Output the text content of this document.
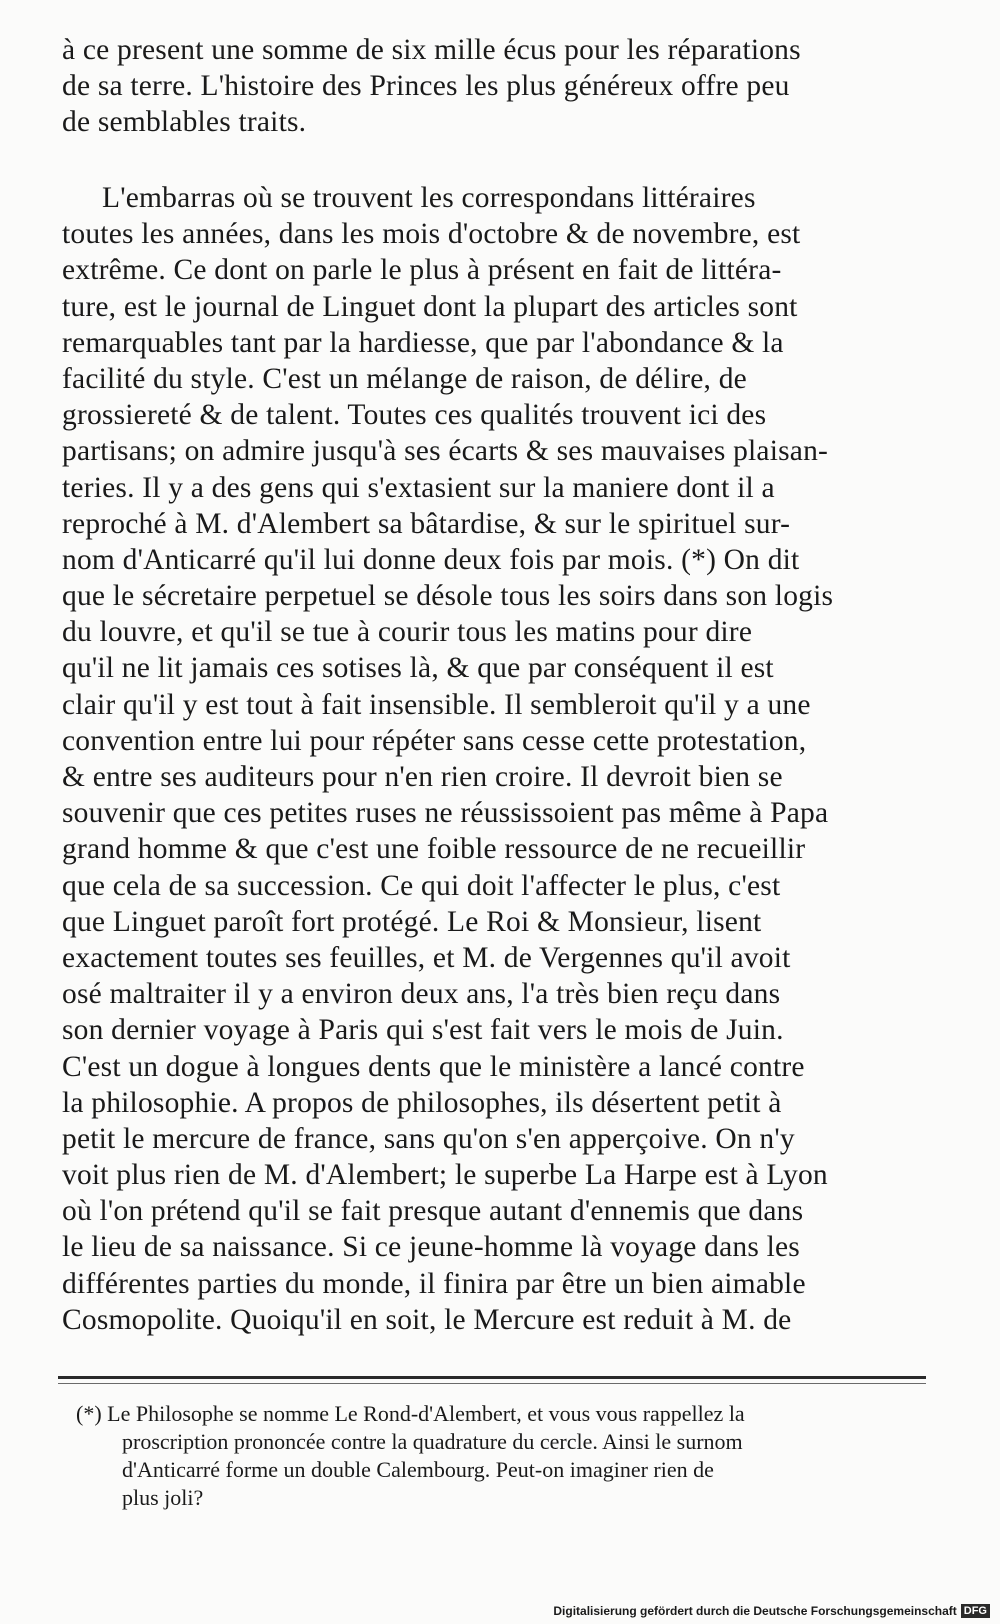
à ce present une somme de six mille écus pour les réparations
de sa terre. L'histoire des Princes les plus généreux offre peu
de semblables traits.
L'embarras où se trouvent les correspondans littéraires
toutes les années, dans les mois d'octobre & de novembre, est
extrême. Ce dont on parle le plus à présent en fait de littéra-
ture, est le journal de Linguet dont la plupart des articles sont
remarquables tant par la hardiesse, que par l'abondance & la
facilité du style. C'est un mélange de raison, de délire, de
grossiereté & de talent. Toutes ces qualités trouvent ici des
partisans; on admire jusqu'à ses écarts & ses mauvaises plaisan-
teries. Il y a des gens qui s'extasient sur la maniere dont il a
reproché à M. d'Alembert sa bâtardise, & sur le spirituel sur-
nom d'Anticarré qu'il lui donne deux fois par mois. (*) On dit
que le sécretaire perpetuel se désole tous les soirs dans son logis
du louvre, et qu'il se tue à courir tous les matins pour dire
qu'il ne lit jamais ces sotises là, & que par conséquent il est
clair qu'il y est tout à fait insensible. Il sembleroit qu'il y a une
convention entre lui pour répéter sans cesse cette protestation,
& entre ses auditeurs pour n'en rien croire. Il devroit bien se
souvenir que ces petites ruses ne réussissoient pas même à Papa
grand homme & que c'est une foible ressource de ne recueillir
que cela de sa succession. Ce qui doit l'affecter le plus, c'est
que Linguet paroît fort protégé. Le Roi & Monsieur, lisent
exactement toutes ses feuilles, et M. de Vergennes qu'il avoit
osé maltraiter il y a environ deux ans, l'a très bien reçu dans
son dernier voyage à Paris qui s'est fait vers le mois de Juin.
C'est un dogue à longues dents que le ministère a lancé contre
la philosophie. A propos de philosophes, ils désertent petit à
petit le mercure de france, sans qu'on s'en apperçoive. On n'y
voit plus rien de M. d'Alembert; le superbe La Harpe est à Lyon
où l'on prétend qu'il se fait presque autant d'ennemis que dans
le lieu de sa naissance. Si ce jeune-homme là voyage dans les
différentes parties du monde, il finira par être un bien aimable
Cosmopolite. Quoiqu'il en soit, le Mercure est reduit à M. de
(*) Le Philosophe se nomme Le Rond-d'Alembert, et vous vous rappellez la
proscription prononcée contre la quadrature du cercle. Ainsi le surnom
d'Anticarré forme un double Calembourg. Peut-on imaginer rien de
plus joli?
Digitalisierung gefördert durch die Deutsche Forschungsgemeinschaft DFG
